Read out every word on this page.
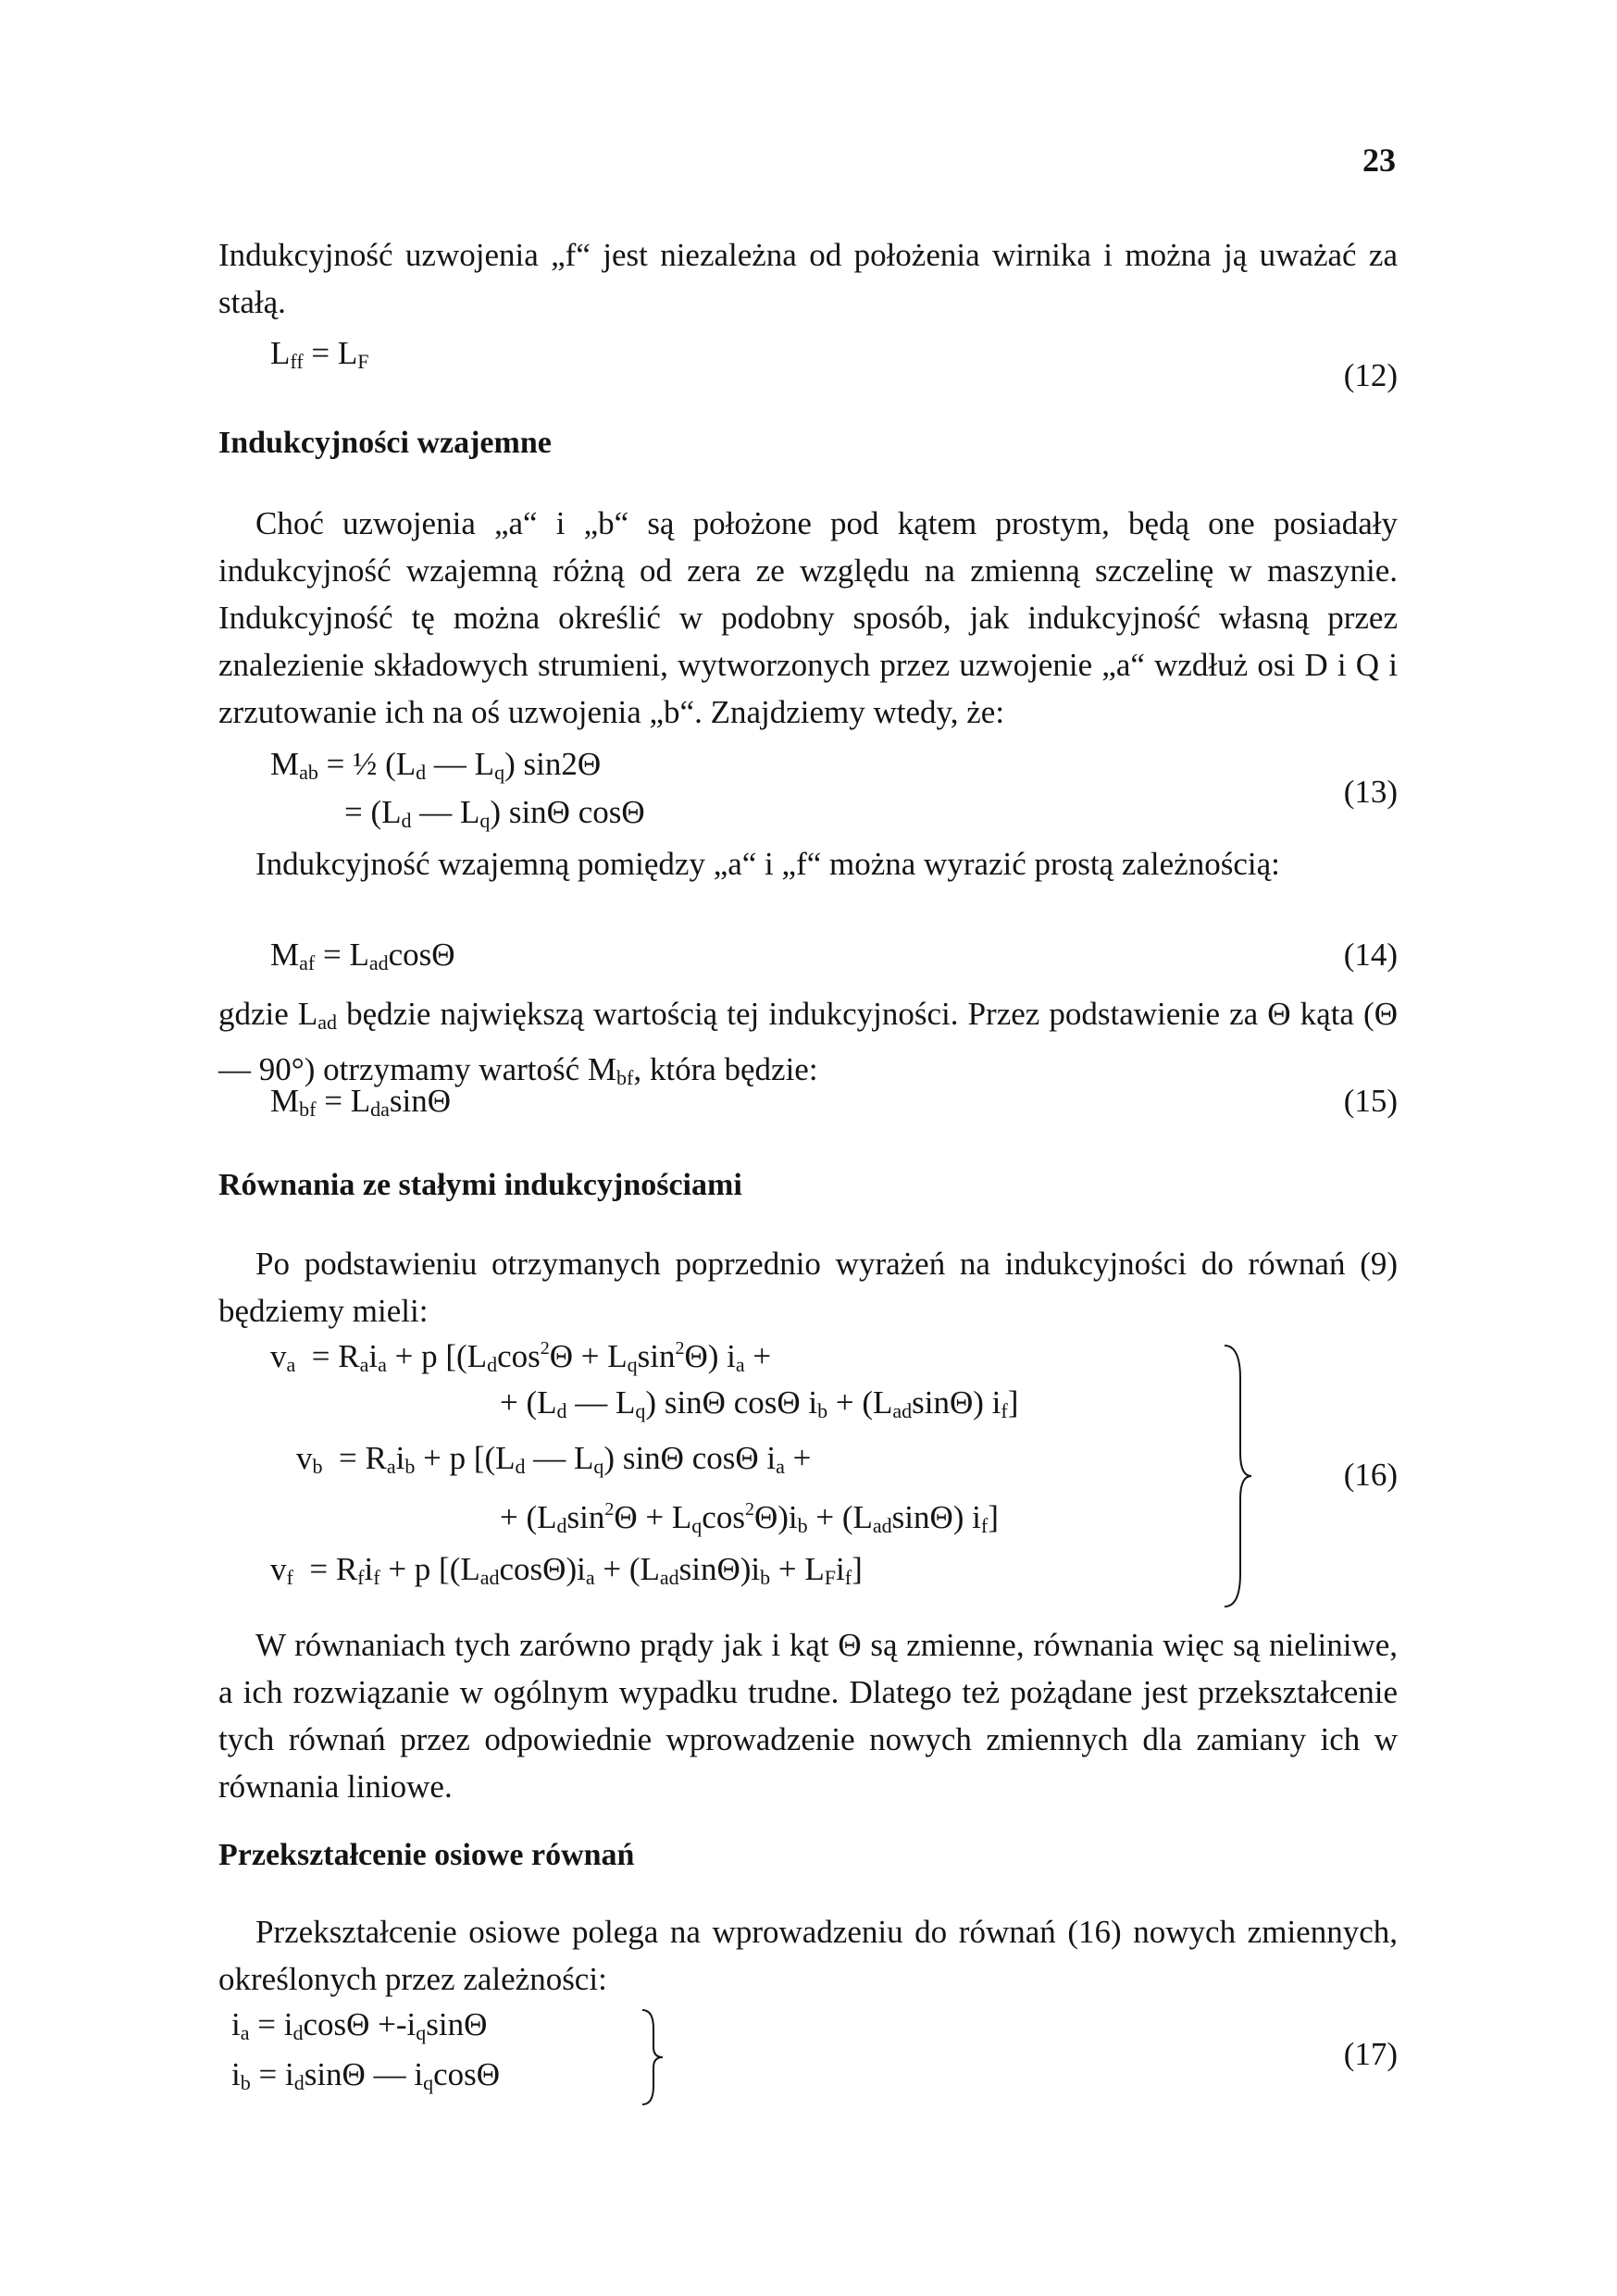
23

Indukcyjność uzwojenia „f“ jest niezależna od położenia wirnika i można ją uważać za stałą.

$L_{ff} = L_F$	(12)
Indukcyjności wzajemne

Choć uzwojenia „a“ i „b“ są położone pod kątem prostym, będą one posiadały indukcyjność wzajemną różną od zera ze względu na zmienną szczelinę w maszynie. Indukcyjność tę można określić w podobny sposób, jak indukcyjność własną przez znalezienie składowych strumieni, wytworzonych przez uzwojenie „a“ wzdłuż osi D i Q i zrzutowanie ich na oś uzwojenia „b“. Znajdziemy wtedy, że:

$M_{ab}$ = ½ ($L_d$ — $L_q$) sin2Θ
= ($L_d$ — $L_q$) sinΘ cosΘ
(13)

Indukcyjność wzajemną pomiędzy „a“ i „f“ można wyrazić prostą zależnością:

$M_{af} = L_{ad}\cos\Theta$	(14)

gdzie $L_{ad}$ będzie największą wartością tej indukcyjności. Przez podstawienie za Θ kąta (Θ — 90°) otrzymamy wartość $M_{bf}$, która będzie:

$M_{bf} = L_{da}\sin\Theta$	(15)
Równania ze stałymi indukcyjnościami

Po podstawieniu otrzymanych poprzednio wyrażeń na indukcyjności do równań (9) będziemy mieli:

$v_a = R_ai_a + p$ [$(L_d\cos^2\Theta + L_q\sin^2\Theta) i_a$ +
+ ($L_d$ — $L_q$) sinΘ cosΘ $i_b + (L_{ad}\sin\Theta)$ $i_f$]
$v_b = R_ai_b + p$ [($L_d$ — $L_q$) sinΘ cosΘ $i_a$ +
+ $(L_d\sin^2\Theta + L_q\cos^2\Theta)i_b + (L_{ad}\sin\Theta)$ $i_f$]
$v_f = R_fi_f + p$ $[(L_{ad}\cos\Theta)i_a + (L_{ad}\sin\Theta)i_b + L_Fi_f]$
(16)

W równaniach tych zarówno prądy jak i kąt Θ są zmienne, równania więc są nieliniwe, a ich rozwiązanie w ogólnym wypadku trudne. Dlatego też pożądane jest przekształcenie tych równań przez odpowiednie wprowadzenie nowych zmiennych dla zamiany ich w równania liniowe.

Przekształcenie osiowe równań

Przekształcenie osiowe polega na wprowadzeniu do równań (16) nowych zmiennych, określonych przez zależności:

$i_a = i_d\cos\Theta +-i_q\sin\Theta$
$i_b = i_d\sin\Theta$ — $i_q\cos\Theta$
(17)
